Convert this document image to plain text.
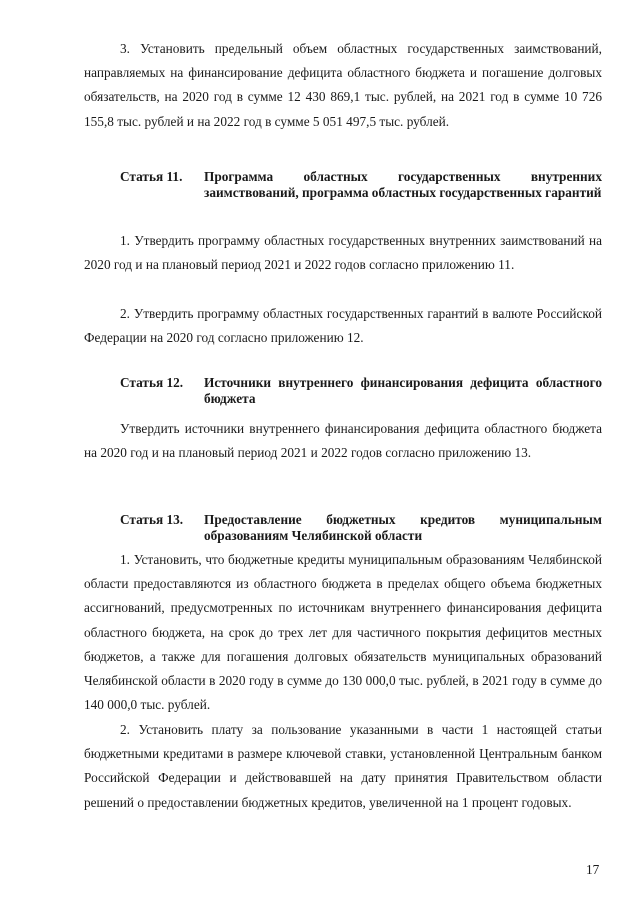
3. Установить предельный объем областных государственных заимствований, направляемых на финансирование дефицита областного бюджета и погашение долговых обязательств, на 2020 год в сумме 12 430 869,1 тыс. рублей, на 2021 год в сумме 10 726 155,8 тыс. рублей и на 2022 год в сумме 5 051 497,5 тыс. рублей.

Статья 11.	Программа областных государственных внутренних заимствований, программа областных государственных гарантий

1. Утвердить программу областных государственных внутренних заимствований на 2020 год и на плановый период 2021 и 2022 годов согласно приложению 11.

2. Утвердить программу областных государственных гарантий в валюте Российской Федерации на 2020 год согласно приложению 12.

Статья 12.	Источники внутреннего финансирования дефицита областного бюджета

Утвердить источники внутреннего финансирования дефицита областного бюджета на 2020 год и на плановый период 2021 и 2022 годов согласно приложению 13.

Статья 13.	Предоставление бюджетных кредитов муниципальным образованиям Челябинской области

1. Установить, что бюджетные кредиты муниципальным образованиям Челябинской области предоставляются из областного бюджета в пределах общего объема бюджетных ассигнований, предусмотренных по источникам внутреннего финансирования дефицита областного бюджета, на срок до трех лет для частичного покрытия дефицитов местных бюджетов, а также для погашения долговых обязательств муниципальных образований Челябинской области в 2020 году в сумме до 130 000,0 тыс. рублей, в 2021 году в сумме до 140 000,0 тыс. рублей.

2. Установить плату за пользование указанными в части 1 настоящей статьи бюджетными кредитами в размере ключевой ставки, установленной Центральным банком Российской Федерации и действовавшей на дату принятия Правительством области решений о предоставлении бюджетных кредитов, увеличенной на 1 процент годовых.

17
